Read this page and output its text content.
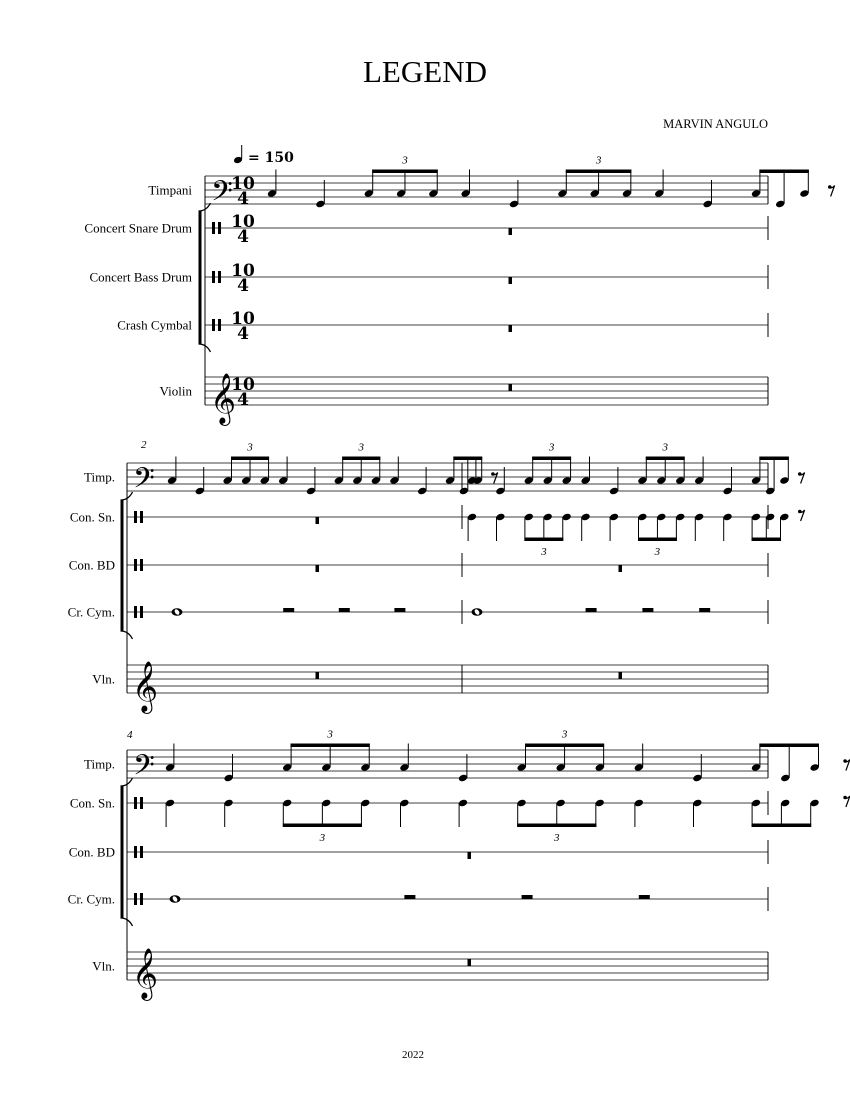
LEGEND
MARVIN ANGULO
= 150
2
4
2022
Timpani 𝄢
10
4
3	3
Concert Snare Drum 10
4
Concert Bass Drum 10
4
Crash Cymbal 10
4
Violin 𝄞
10
4
Timp. 𝄢
3	3	3	3
Con. Sn.
3	3
Con. BD
Cr. Cym.
Vln. 𝄞
Timp. 𝄢
3	3
Con. Sn.
3	3
Con. BD
Cr. Cym.
Vln. 𝄞
